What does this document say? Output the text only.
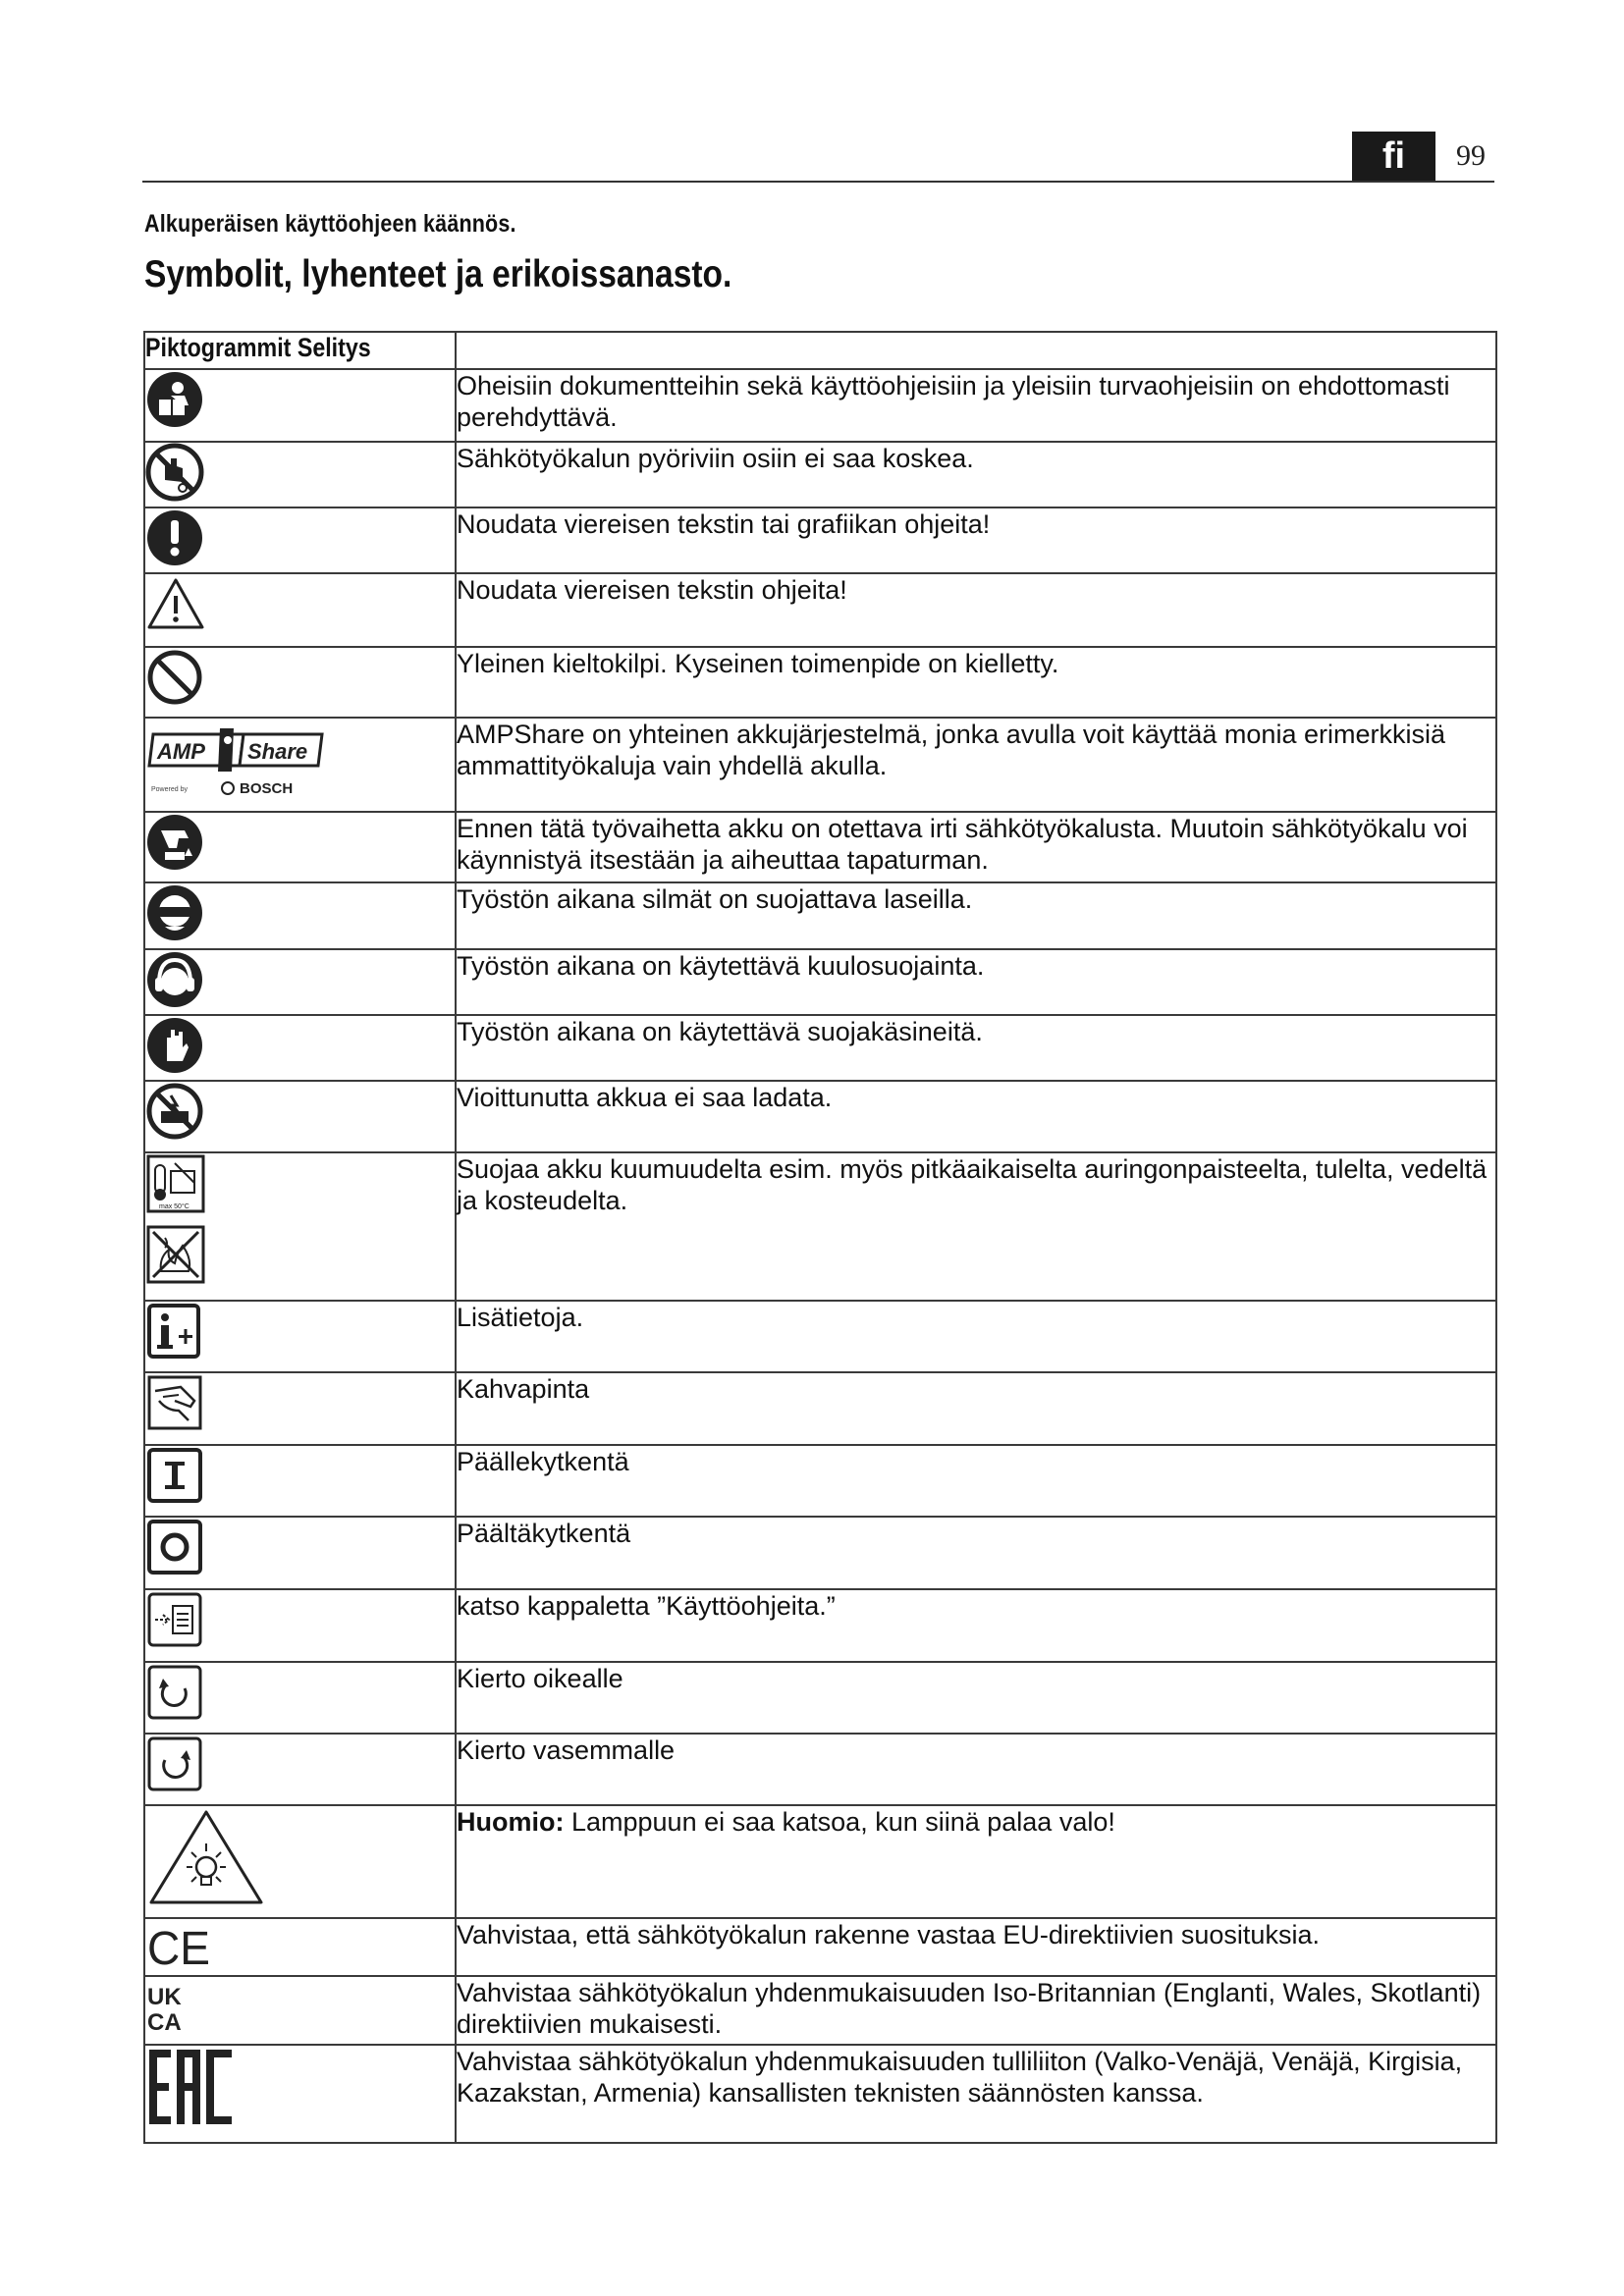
fi	99
Alkuperäisen käyttöohjeen käännös.
Symbolit, lyhenteet ja erikoissanasto.
Piktogrammit Selitys	

	Oheisiin dokumentteihin sekä käyttöohjeisiin ja yleisiin turvaohjeisiin on ehdottomasti perehdyttävä.

	Sähkötyökalun pyöriviin osiin ei saa koskea.

	Noudata viereisen tekstin tai grafiikan ohjeita!

	Noudata viereisen tekstin ohjeita!

	Yleinen kieltokilpi. Kyseinen toimenpide on kielletty.

AMP Share
Powered by BOSCH	AMPShare on yhteinen akkujärjestelmä, jonka avulla voit käyttää monia erimerkkisiä ammattityökaluja vain yhdellä akulla.

	Ennen tätä työvaihetta akku on otettava irti sähkötyökalusta. Muutoin sähkötyökalu voi käynnistyä itsestään ja aiheuttaa tapaturman.

	Työstön aikana silmät on suojattava laseilla.

	Työstön aikana on käytettävä kuulosuojainta.

	Työstön aikana on käytettävä suojakäsineitä.

	Vioittunutta akkua ei saa ladata.

max 50°C	Suojaa akku kuumuudelta esim. myös pitkäaikaiselta auringonpaisteelta, tulelta, vedeltä ja kosteudelta.

	Lisätietoja.

	Kahvapinta

	Päällekytkentä

	Päältäkytkentä

	katso kappaletta ”Käyttöohjeita.”

	Kierto oikealle

	Kierto vasemmalle

	Huomio: Lamppuun ei saa katsoa, kun siinä palaa valo!

CE	Vahvistaa, että sähkötyökalun rakenne vastaa EU-direktiivien suosituksia.

UK
CA	Vahvistaa sähkötyökalun yhdenmukaisuuden Iso-Britannian (Englanti, Wales, Skotlanti) direktiivien mukaisesti.

	Vahvistaa sähkötyökalun yhdenmukaisuuden tulliliiton (Valko-Venäjä, Venäjä, Kirgisia, Kazakstan, Armenia) kansallisten teknisten säännösten kanssa.
